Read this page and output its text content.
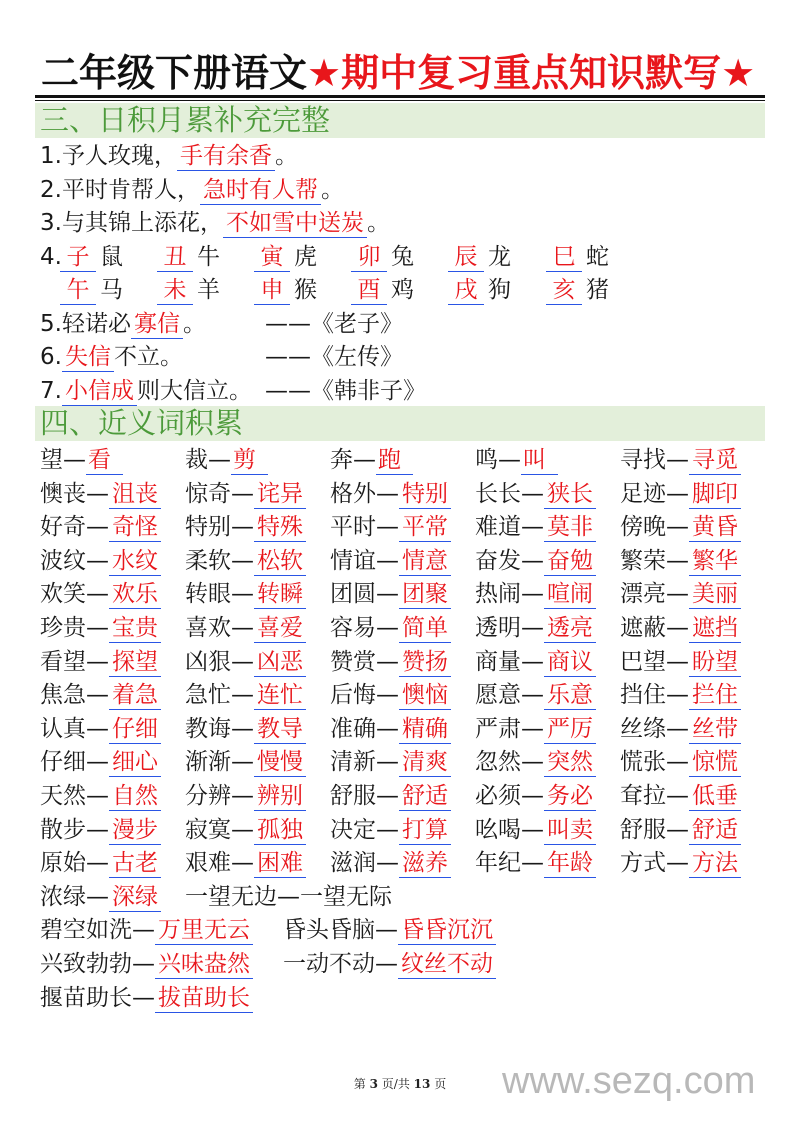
二年级下册语文★期中复习重点知识默写★
三、日积月累补充完整
1.予人玫瑰， 手有余香 。
2.平时肯帮人， 急时有人帮 。
3.与其锦上添花， 不如雪中送炭 。
4. 子 鼠 丑 牛 寅 虎 卯 兔 辰 龙 巳 蛇
午 马 未 羊 申 猴 酉 鸡 戌 狗 亥 猪
5.轻诺必 寡信 。	——《老子》
6. 失信 不立。	——《左传》
7. 小信成 则大信立。 ——《韩非子》
四、近义词积累
望—看	裁—剪	奔—跑	鸣—叫	寻找— 寻觅
懊丧— 沮丧 惊奇— 诧异 格外— 特别 长长— 狭长 足迹— 脚印
好奇— 奇怪 特别— 特殊 平时— 平常 难道— 莫非 傍晚— 黄昏
波纹— 水纹 柔软— 松软 情谊— 情意 奋发— 奋勉 繁荣— 繁华
欢笑— 欢乐 转眼— 转瞬 团圆— 团聚 热闹— 喧闹 漂亮— 美丽
珍贵— 宝贵 喜欢— 喜爱 容易— 简单 透明— 透亮 遮蔽— 遮挡
看望— 探望 凶狠— 凶恶 赞赏— 赞扬 商量— 商议 巴望— 盼望
焦急— 着急 急忙— 连忙 后悔— 懊恼 愿意— 乐意 挡住— 拦住
认真— 仔细 教诲— 教导 准确— 精确 严肃— 严厉 丝绦— 丝带
仔细— 细心 渐渐— 慢慢 清新— 清爽 忽然— 突然 慌张— 惊慌
天然— 自然 分辨— 辨别 舒服— 舒适 必须— 务必 耷拉— 低垂
散步— 漫步 寂寞— 孤独 决定— 打算 吆喝— 叫卖 舒服— 舒适
原始— 古老 艰难— 困难 滋润— 滋养 年纪— 年龄 方式— 方法
浓绿— 深绿 一望无边—一望无际
碧空如洗— 万里无云 昏头昏脑— 昏昏沉沉
兴致勃勃— 兴味盎然 一动不动— 纹丝不动
揠苗助长— 拔苗助长
第 3 页/共 13 页	www.sezq.com
